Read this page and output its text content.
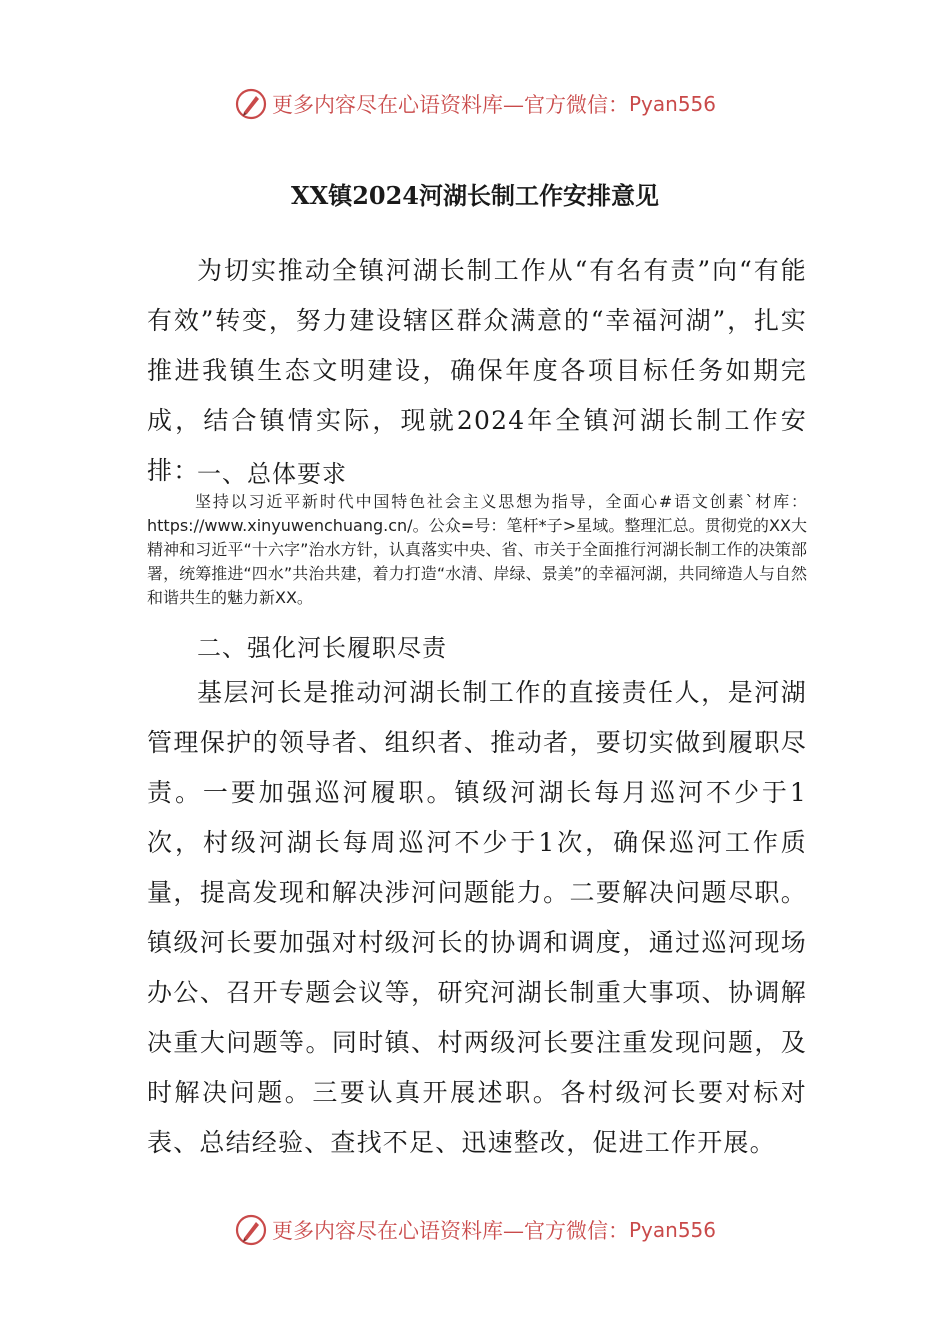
更多内容尽在心语资料库—官方微信： Pyan556
XX镇2024河湖长制工作安排意见
为切实推动全镇河湖长制工作从“有名有责”向“有能有效”转变，努力建设辖区群众满意的“幸福河湖”，扎实推进我镇生态文明建设，确保年度各项目标任务如期完成，结合镇情实际，现就2024年全镇河湖长制工作安排：
一、总体要求
坚持以习近平新时代中国特色社会主义思想为指导，全面心#语文创素`材库：https://www.xinyuwenchuang.cn/。公众=号：笔杆*子>星域。整理汇总。贯彻党的XX大精神和习近平“十六字”治水方针，认真落实中央、省、市关于全面推行河湖长制工作的决策部署，统筹推进“四水”共治共建，着力打造“水清、岸绿、景美”的幸福河湖，共同缔造人与自然和谐共生的魅力新XX。
二、强化河长履职尽责
基层河长是推动河湖长制工作的直接责任人，是河湖管理保护的领导者、组织者、推动者，要切实做到履职尽责。一要加强巡河履职。镇级河湖长每月巡河不少于1次，村级河湖长每周巡河不少于1次，确保巡河工作质量，提高发现和解决涉河问题能力。二要解决问题尽职。镇级河长要加强对村级河长的协调和调度，通过巡河现场办公、召开专题会议等，研究河湖长制重大事项、协调解决重大问题等。同时镇、村两级河长要注重发现问题，及时解决问题。三要认真开展述职。各村级河长要对标对表、总结经验、查找不足、迅速整改，促进工作开展。
更多内容尽在心语资料库—官方微信： Pyan556
